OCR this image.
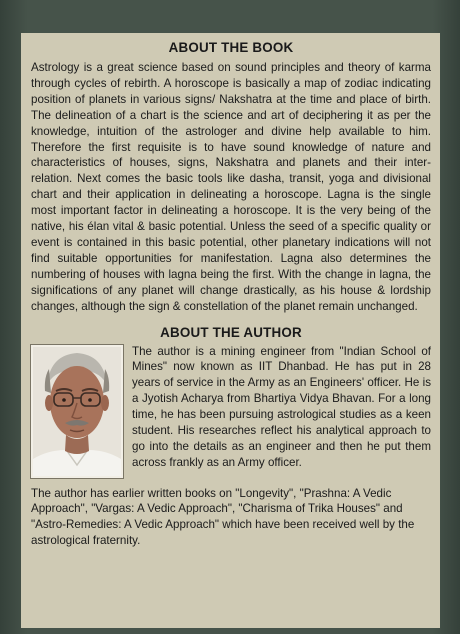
ABOUT THE BOOK

Astrology is a great science based on sound principles and theory of karma through cycles of rebirth. A horoscope is basically a map of zodiac indicating position of planets in various signs/ Nakshatra at the time and place of birth. The delineation of a chart is the science and art of deciphering it as per the knowledge, intuition of the astrologer and divine help available to him. Therefore the first requisite is to have sound knowledge of nature and characteristics of houses, signs, Nakshatra and planets and their inter-relation. Next comes the basic tools like dasha, transit, yoga and divisional chart and their application in delineating a horoscope. Lagna is the single most important factor in delineating a horoscope. It is the very being of the native, his élan vital & basic potential. Unless the seed of a specific quality or event is contained in this basic potential, other planetary indications will not find suitable opportunities for manifestation. Lagna also determines the numbering of houses with lagna being the first. With the change in lagna, the significations of any planet will change drastically, as his house & lordship changes, although the sign & constellation of the planet remain unchanged.

ABOUT THE AUTHOR

The author is a mining engineer from "Indian School of Mines" now known as IIT Dhanbad. He has put in 28 years of service in the Army as an Engineers' officer. He is a Jyotish Acharya from Bhartiya Vidya Bhavan. For a long time, he has been pursuing astrological studies as a keen student. His researches reflect his analytical approach to go into the details as an engineer and then he put them across frankly as an Army officer.

The author has earlier written books on "Longevity", "Prashna: A Vedic Approach", "Vargas: A Vedic Approach", "Charisma of Trika Houses" and "Astro-Remedies: A Vedic Approach" which have been received well by the astrological fraternity.
